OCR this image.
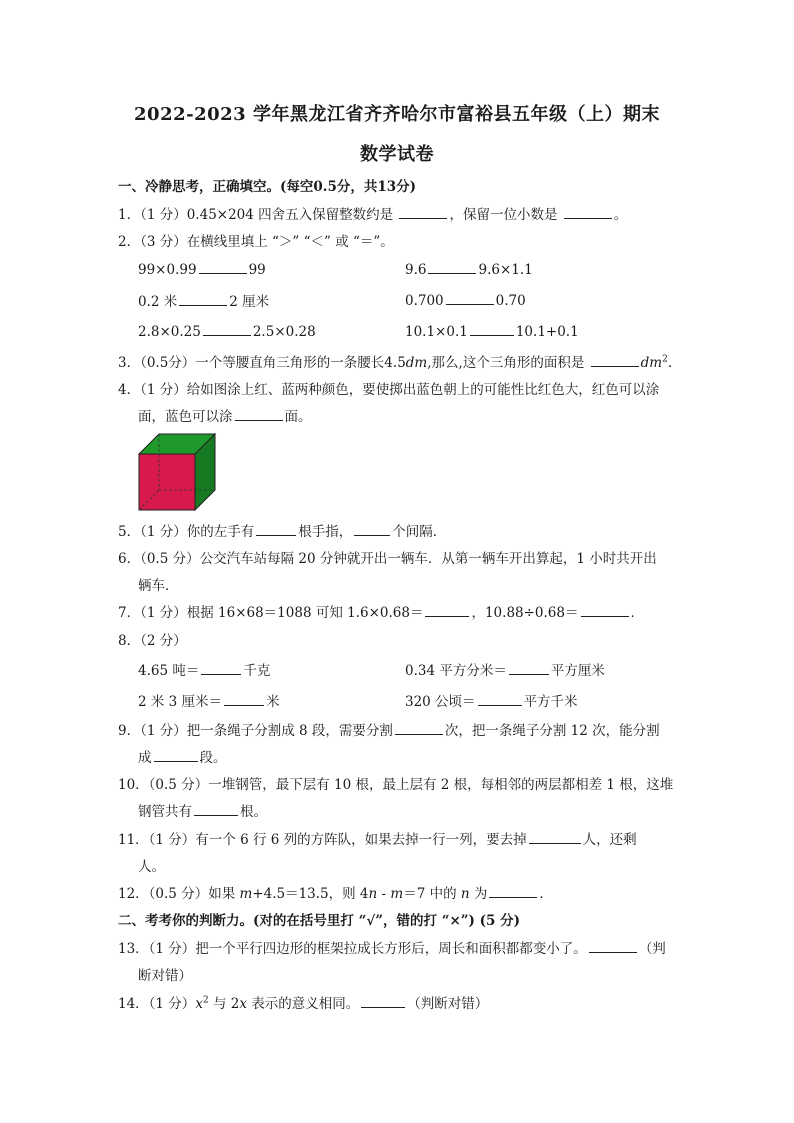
2022-2023 学年黑龙江省齐齐哈尔市富裕县五年级（上）期末
数学试卷
一、冷静思考，正确填空。(每空0.5分，共13分)
1．（1 分）0.45×204 四舍五入保留整数约是	，保留一位小数是	。
2．（3 分）在横线里填上 “＞” “＜” 或 “＝”。
99×0.99	99	9.6	9.6×1.1
0.2 米	2 厘米	0.700	0.70
2.8×0.25	2.5×0.28	10.1×0.1	10.1+0.1
3．（0.5分）一个等腰直角三角形的一条腰长4.5dm,那么,这个三角形的面积是	$dm^2$.
4．（1 分）给如图涂上红、蓝两种颜色，要使掷出蓝色朝上的可能性比红色大，红色可以涂
面，蓝色可以涂	面。
5．（1 分）你的左手有	根手指，	个间隔．
6．（0.5 分）公交汽车站每隔 20 分钟就开出一辆车．从第一辆车开出算起，1 小时共开出
辆车．
7．（1 分）根据 16×68＝1088 可知 1.6×0.68＝	，10.88÷0.68＝	．
8．（2 分）
4.65 吨＝	千克	0.34 平方分米＝	平方厘米
2 米 3 厘米＝	米	320 公顷＝	平方千米
9．（1 分）把一条绳子分割成 8 段，需要分割	次，把一条绳子分割 12 次，能分割
成	段。
10．（0.5 分）一堆钢管，最下层有 10 根，最上层有 2 根，每相邻的两层都相差 1 根，这堆
钢管共有	根。
11．（1 分）有一个 6 行 6 列的方阵队，如果去掉一行一列，要去掉	人，还剩
人。
12．（0.5 分）如果 m+4.5＝13.5，则 4n - m＝7 中的 n 为	．
二、考考你的判断力。(对的在括号里打 “√”，错的打 “×”) (5 分)
13．（1 分）把一个平行四边形的框架拉成长方形后，周长和面积都都变小了。	（判
断对错）
14．（1 分）$x^2$ 与 2x 表示的意义相同。	（判断对错）
